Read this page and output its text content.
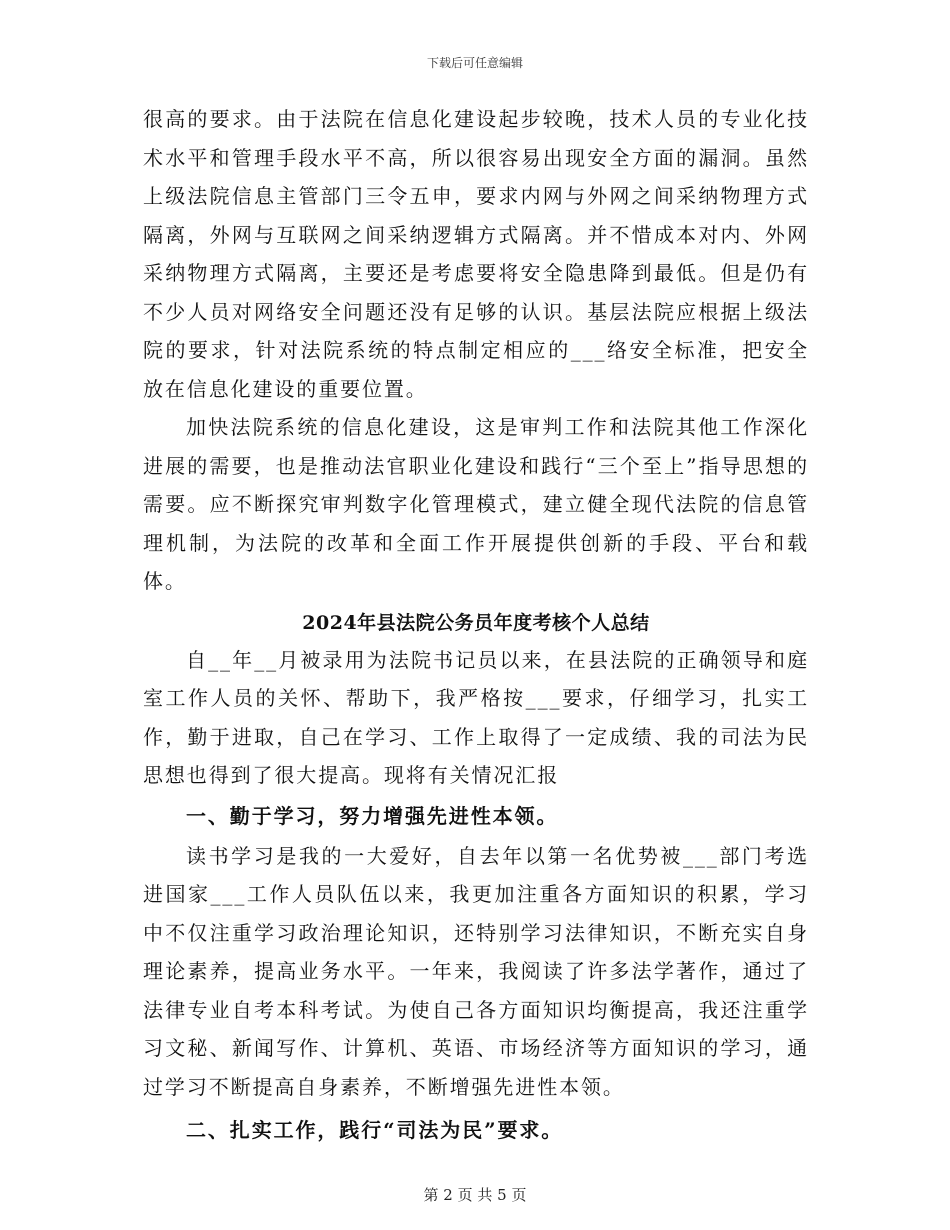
下载后可任意编辑

很高的要求。由于法院在信息化建设起步较晚，技术人员的专业化技术水平和管理手段水平不高，所以很容易出现安全方面的漏洞。虽然上级法院信息主管部门三令五申，要求内网与外网之间采纳物理方式隔离，外网与互联网之间采纳逻辑方式隔离。并不惜成本对内、外网采纳物理方式隔离，主要还是考虑要将安全隐患降到最低。但是仍有不少人员对网络安全问题还没有足够的认识。基层法院应根据上级法院的要求，针对法院系统的特点制定相应的___络安全标准，把安全放在信息化建设的重要位置。

加快法院系统的信息化建设，这是审判工作和法院其他工作深化进展的需要，也是推动法官职业化建设和践行“三个至上”指导思想的需要。应不断探究审判数字化管理模式，建立健全现代法院的信息管理机制，为法院的改革和全面工作开展提供创新的手段、平台和载体。

2024年县法院公务员年度考核个人总结

自__年__月被录用为法院书记员以来，在县法院的正确领导和庭室工作人员的关怀、帮助下，我严格按___要求，仔细学习，扎实工作，勤于进取，自己在学习、工作上取得了一定成绩、我的司法为民思想也得到了很大提高。现将有关情况汇报

一、勤于学习，努力增强先进性本领。

读书学习是我的一大爱好，自去年以第一名优势被___部门考选进国家___工作人员队伍以来，我更加注重各方面知识的积累，学习中不仅注重学习政治理论知识，还特别学习法律知识，不断充实自身理论素养，提高业务水平。一年来，我阅读了许多法学著作，通过了法律专业自考本科考试。为使自己各方面知识均衡提高，我还注重学习文秘、新闻写作、计算机、英语、市场经济等方面知识的学习，通过学习不断提高自身素养，不断增强先进性本领。

二、扎实工作，践行“司法为民”要求。
第 2 页 共 5 页
